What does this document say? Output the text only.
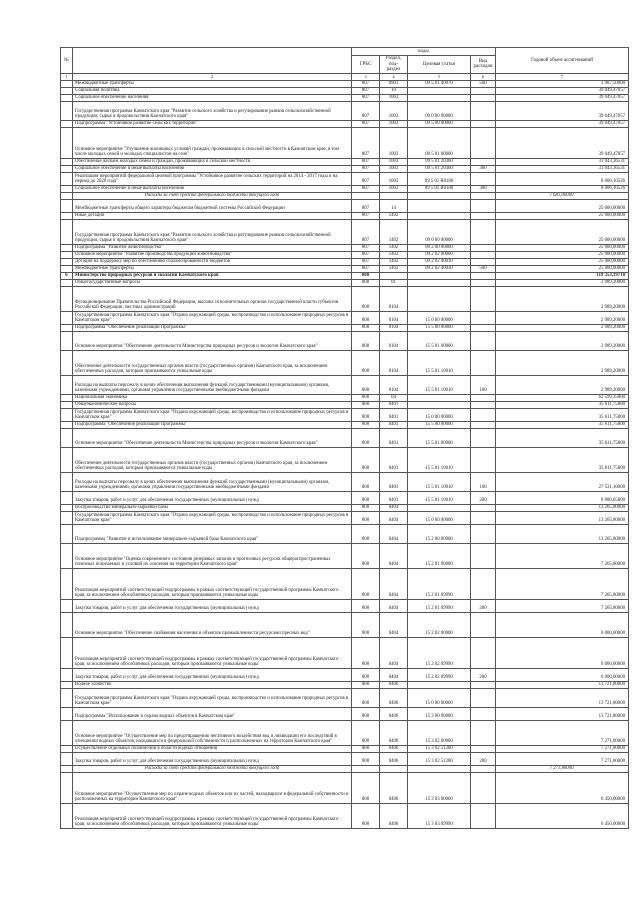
№		коды				Годовой объем ассигнований
		ГРБС	Раздел, под-раздел	Целевая статья	Вид расходов	
1	2	3	4	5	6	7
	Межбюджетные трансферты	807	0901	09 5 01 40070	500	3 987,50000
	Социальная политика	807	10			39 049,47057
	Социальное обеспечение населения	807	1003			39 049,47057
	Государственная программа Камчатского края "Развитие сельского хозяйства и регулирование рынков сельскохозяйственной продукции, сырья и продовольствия Камчатского края"	807	1003	09 0 00 00000		39 049,47057
	Подпрограмма "Устойчивое развитие сельских территорий"	807	1003	09 5 00 00000		39 049,47057
	Основное мероприятие "Улучшение жилищных условий граждан, проживающих в сельской местности в Камчатском крае, в том числе молодых семей и молодых специалистов на селе"	807	1003	09 5 01 00000		39 049,47057
	Обеспечение жильем молодых семей и граждан, проживающих в сельской местности	807	1003	09 5 01 20360		31 043,36531
	Социальное обеспечение и иные выплаты населению	807	1003	09 5 01 20360	300	31 043,36531
	Реализация мероприятий федеральной целевой программы "Устойчивое развитие сельских территорий на 2014 - 2017 годы и на период до 2020 года"	807	1003	09 5 01 R0180		8 006,10526
	Социальное обеспечение и иные выплаты населению	807	1003	09 5 01 R0180	300	8 006,10526
	Расходы за счет средств федерального бюджета текущего года					7 681,00000
	Межбюджетные трансферты общего характера бюджетам бюджетной системы Российской Федерации	807	14			25 000,00000
	Иные дотации	807	1402			25 000,00000
	Государственная программа Камчатского края "Развитие сельского хозяйства и регулирование рынков сельскохозяйственной продукции, сырья и продовольствия Камчатского края"	807	1402	09 0 00 00000		25 000,00000
	Подпрограмма "Развитие животноводства"	807	1402	09 2 00 00000		25 000,00000
	Основное мероприятие "Развитие производства продукции животноводства"	807	1402	09 2 02 00000		25 000,00000
	Дотации на поддержку мер по обеспечению сбалансированности бюджетов	807	1402	09 2 02 40030		25 000,00000
	Межбюджетные трансферты	807	1402	09 2 02 40030	500	25 000,00000
6	Министерство природных ресурсов и экологии Камчатского края	808				119 353,19718
	Общегосударственные вопросы	808	01			2 989,20000
	Функционирование Правительства Российской Федерации, высших исполнительных органов государственной власти субъектов Российской Федерации, местных администраций	808	0104			2 989,20000
	Государственная программа Камчатского края "Охрана окружающей среды, воспроизводство и использование природных ресурсов в Камчатском крае"	808	0104	15 0 00 00000		2 989,20000
	Подпрограмма "Обеспечение реализации Программы"	808	0104	15 5 00 00000		2 989,20000
	Основное мероприятие "Обеспечение деятельности Министерства природных ресурсов и экологии Камчатского края"	808	0104	15 5 01 00000		2 989,20000
	Обеспечение деятельности государственных органов власти (государственных органов) Камчатского края, за исключением обеспеченных расходов, которым присваиваются уникальные коды	808	0104	15 5 01 10010		2 989,20000
	Расходы на выплаты персоналу в целях обеспечения выполнения функций государственными (муниципальными) органами, казенными учреждениями, органами управления государственными внебюджетными фондами	808	0104	15 5 01 10010	100	2 989,20000
	Национальная экономика	808	04			62 599,35800
	Общеэкономические вопросы	808	0401			35 611,75800
	Государственная программа Камчатского края "Охрана окружающей среды, воспроизводство и использование природных ресурсов в Камчатском крае"	808	0401	15 0 00 00000		35 611,75800
	Подпрограмма "Обеспечение реализации Программы"	808	0401	15 5 00 00000		35 611,75800
	Основное мероприятие "Обеспечение деятельности Министерства природных ресурсов и экологии Камчатского края"	808	0401	15 5 01 00000		35 611,75800
	Обеспечение деятельности государственных органов власти (государственных органов) Камчатского края, за исключением обеспеченных расходов, которым присваиваются уникальные коды	808	0401	15 5 01 10010		35 611,75800
	Расходы на выплаты персоналу в целях обеспечения выполнения функций государственными (муниципальными) органами, казенными учреждениями, органами управления государственными внебюджетными фондами	808	0401	15 5 01 10010	100	27 531,10000
	Закупка товаров, работ и услуг для обеспечения государственных (муниципальных) нужд	808	0401	15 5 01 10010	200	8 080,65800
	Воспроизводство минерально-сырьевой базы	808	0404			13 265,80000
	Государственная программа Камчатского края "Охрана окружающей среды, воспроизводство и использование природных ресурсов в Камчатском крае"	808	0404	15 0 00 00000		13 265,80000
	Подпрограмма "Развитие и использование минерально-сырьевой базы Камчатского края"	808	0404	15 2 00 00000		13 265,80000
	Основное мероприятие "Оценка современного состояния резервных запасов и прогнозных ресурсов общераспространенных полезных ископаемых и условий их освоения на территории Камчатского края"	808	0404	15 2 01 00000		7 265,80000
	Реализация мероприятий соответствующей подпрограммы в рамках соответствующей государственной программы Камчатского края, за исключением обособленных расходов, которым присваиваются уникальные коды	808	0404	15 2 01 09990		7 265,80000
	Закупка товаров, работ и услуг для обеспечения государственных (муниципальных) нужд	808	0404	15 2 01 09990	200	7 265,80000
	Основное мероприятие "Обеспечение снабжения населения и объектов промышленности ресурсами пресных вод"	808	0404	15 2 02 00000		6 000,00000
	Реализация мероприятий соответствующей подпрограммы в рамках соответствующей государственной программы Камчатского края, за исключением обособленных расходов, которым присваиваются уникальные коды	808	0404	15 2 02 09990		6 000,00000
	Закупка товаров, работ и услуг для обеспечения государственных (муниципальных) нужд	808	0404	15 2 02 09990	200	6 000,00000
	Водное хозяйство	808	0406			13 721,80000
	Государственная программа Камчатского края "Охрана окружающей среды, воспроизводство и использование природных ресурсов в Камчатском крае"	808	0406	15 0 00 00000		13 721,80000
	Подпрограмма "Использование и охрана водных объектов в Камчатском крае"	808	0406	15 3 00 00000		13 721,80000
	Основное мероприятие "Осуществление мер по предотвращению негативного воздействия вод и ликвидации его последствий в отношении водных объектов, находящихся в федеральной собственности и расположенных на территории Камчатского края"	808	0406	15 3 02 00000		7 271,80000
	Осуществление отдельных полномочий в области водных отношений	808	0406	15 3 02 51280		7 271,80000
	Закупка товаров, работ и услуг для обеспечения государственных (муниципальных) нужд	808	0406	15 3 02 51280	200	7 271,80000
	Расходы за счет средств федерального бюджета текущего года					7 271,80000
	Основное мероприятие "Осуществление мер по охране водных объектов или их частей, находящихся в федеральной собственности и расположенных на территории Камчатского края"	808	0406	15 3 03 00000		6 450,00000
	Реализация мероприятий соответствующей подпрограммы в рамках соответствующей государственной программы Камчатского края, за исключением обособленных расходов, которым присваиваются уникальные коды	808	0406	15 3 03 09990		6 450,00000
